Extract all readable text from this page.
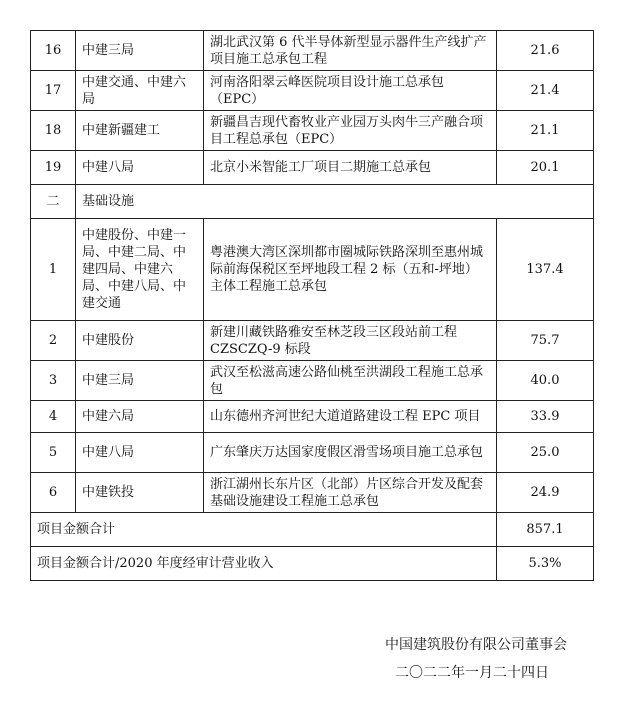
16	中建三局	湖北武汉第 6 代半导体新型显示器件生产线扩产项目施工总承包工程	21.6
17	中建交通、中建六局	河南洛阳翠云峰医院项目设计施工总承包（EPC）	21.4
18	中建新疆建工	新疆昌吉现代畜牧业产业园万头肉牛三产融合项目工程总承包（EPC）	21.1
19	中建八局	北京小米智能工厂项目二期施工总承包	20.1
二	基础设施		
1	中建股份、中建一局、中建二局、中建四局、中建六局、中建八局、中建交通	粤港澳大湾区深圳都市圈城际铁路深圳至惠州城际前海保税区至坪地段工程 2 标（五和-坪地）主体工程施工总承包	137.4
2	中建股份	新建川藏铁路雅安至林芝段三区段站前工程CZSCZQ-9 标段	75.7
3	中建三局	武汉至松滋高速公路仙桃至洪湖段工程施工总承包	40.0
4	中建六局	山东德州齐河世纪大道道路建设工程 EPC 项目	33.9
5	中建八局	广东肇庆万达国家度假区滑雪场项目施工总承包	25.0
6	中建铁投	浙江湖州长东片区（北部）片区综合开发及配套基础设施建设工程施工总承包	24.9
项目金额合计			857.1
项目金额合计/2020 年度经审计营业收入			5.3%
中国建筑股份有限公司董事会
二〇二二年一月二十四日
